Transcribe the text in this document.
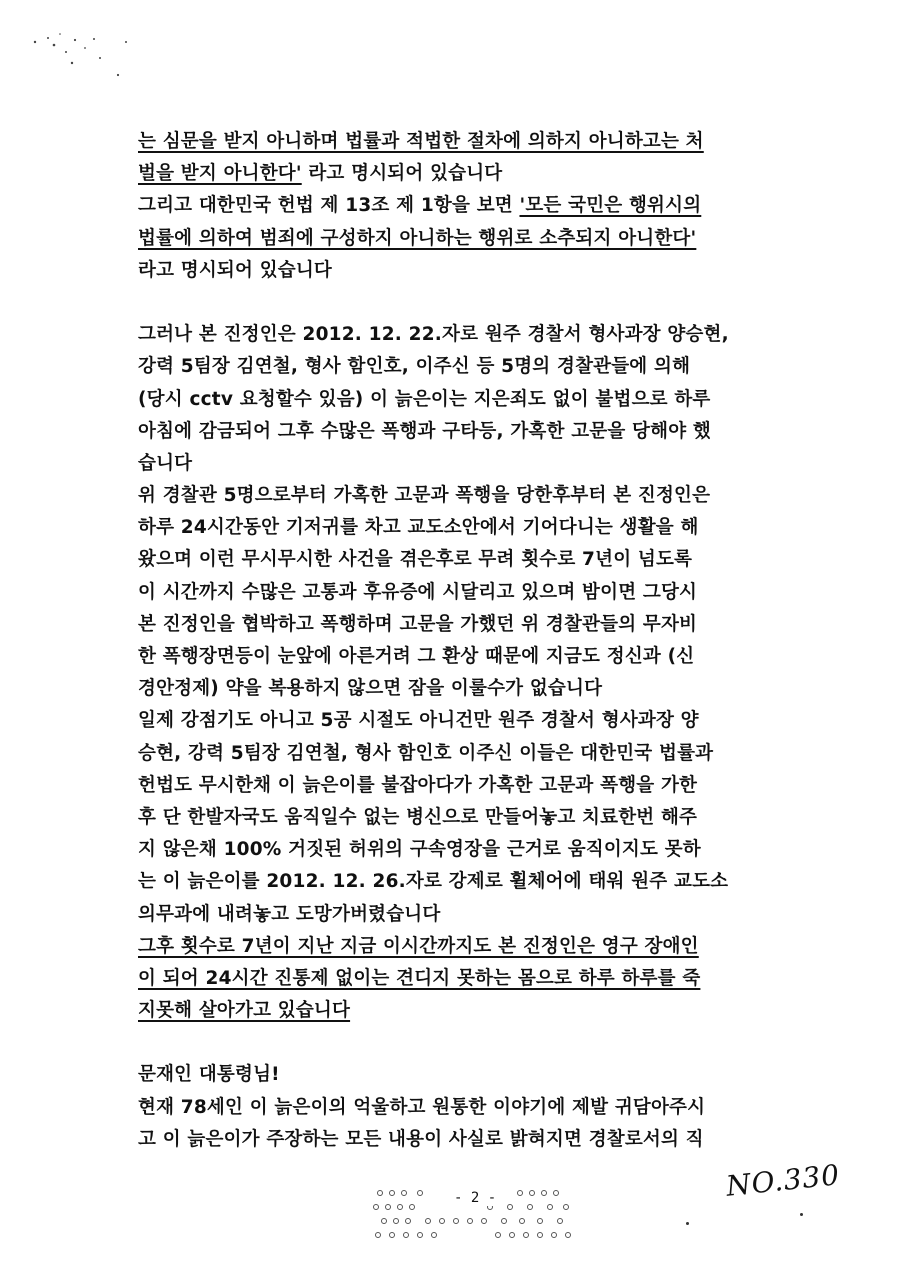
는 심문을 받지 아니하며 법률과 적법한 절차에 의하지 아니하고는 처
벌을 받지 아니한다' 라고 명시되어 있습니다
그리고 대한민국 헌법 제 13조 제 1항을 보면 '모든 국민은 행위시의
법률에 의하여 범죄에 구성하지 아니하는 행위로 소추되지 아니한다'
라고 명시되어 있습니다
그러나 본 진정인은 2012. 12. 22.자로 원주 경찰서 형사과장 양승현,
강력 5팀장 김연철, 형사 함인호, 이주신 등 5명의 경찰관들에 의해
(당시 cctv 요청할수 있음) 이 늙은이는 지은죄도 없이 불법으로 하루
아침에 감금되어 그후 수많은 폭행과 구타등, 가혹한 고문을 당해야 했
습니다
위 경찰관 5명으로부터 가혹한 고문과 폭행을 당한후부터 본 진정인은
하루 24시간동안 기저귀를 차고 교도소안에서 기어다니는 생활을 해
왔으며 이런 무시무시한 사건을 겪은후로 무려 횟수로 7년이 넘도록
이 시간까지 수많은 고통과 후유증에 시달리고 있으며 밤이면 그당시
본 진정인을 협박하고 폭행하며 고문을 가했던 위 경찰관들의 무자비
한 폭행장면등이 눈앞에 아른거려 그 환상 때문에 지금도 정신과 (신
경안정제) 약을 복용하지 않으면 잠을 이룰수가 없습니다
일제 강점기도 아니고 5공 시절도 아니건만 원주 경찰서 형사과장 양
승현, 강력 5팀장 김연철, 형사 함인호 이주신 이들은 대한민국 법률과
헌법도 무시한채 이 늙은이를 불잡아다가 가혹한 고문과 폭행을 가한
후 단 한발자국도 움직일수 없는 병신으로 만들어놓고 치료한번 해주
지 않은채 100% 거짓된 허위의 구속영장을 근거로 움직이지도 못하
는 이 늙은이를 2012. 12. 26.자로 강제로 휠체어에 태워 원주 교도소
의무과에 내려놓고 도망가버렸습니다
그후 횟수로 7년이 지난 지금 이시간까지도 본 진정인은 영구 장애인
이 되어 24시간 진통제 없이는 견디지 못하는 몸으로 하루 하루를 죽
지못해 살아가고 있습니다
문재인 대통령님!
현재 78세인 이 늙은이의 억울하고 원통한 이야기에 제발 귀담아주시
고 이 늙은이가 주장하는 모든 내용이 사실로 밝혀지면 경찰로서의 직
- 2 -	NO.330
